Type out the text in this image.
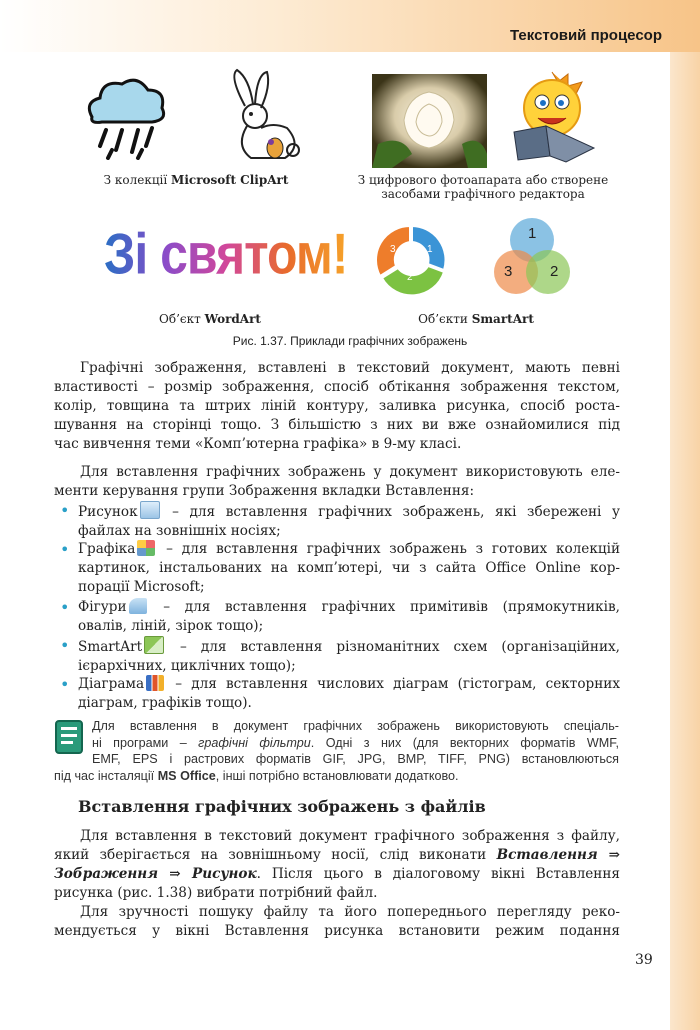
Текстовий процесор
З колекції Microsoft ClipArt	З цифрового фотоапарата або створене
засобами графічного редактора
Зі святом!	1
2
3
1
3	2
Об’єкт WordArt	Об’єкти SmartArt
Рис. 1.37. Приклади графічних зображень
Графічні зображення, вставлені в текстовий документ, мають певні
властивості – розмір зображення, спосіб обтікання зображення текстом,
колір, товщина та штрих ліній контуру, заливка рисунка, спосіб роста-
шування на сторінці тощо. З більшістю з них ви вже ознайомилися під
час вивчення теми «Комп’ютерна графіка» в 9-му класі.
Для вставлення графічних зображень у документ використовують еле-
менти керування групи Зображення вкладки Вставлення:
• Рисунок – для вставлення графічних зображень, які збережені у
файлах на зовнішніх носіях;
• Графіка – для вставлення графічних зображень з готових колекцій
картинок, інстальованих на комп’ютері, чи з сайта Office Online кор-
порації Microsoft;
• Фігури – для вставлення графічних примітивів (прямокутників,
овалів, ліній, зірок тощо);
• SmartArt – для вставлення різноманітних схем (організаційних,
ієрархічних, циклічних тощо);
• Діаграма – для вставлення числових діаграм (гістограм, секторних
діаграм, графіків тощо).
Для вставлення в документ графічних зображень використовують спеціаль-
ні програми – графічні фільтри. Одні з них (для векторних форматів WMF,
EMF, EPS і растрових форматів GIF, JPG, BMP, TIFF, PNG) встановлюються
під час інсталяції MS Office, інші потрібно встановлювати додатково.
Вставлення графічних зображень з файлів
Для вставлення в текстовий документ графічного зображення з файлу,
який зберігається на зовнішньому носії, слід виконати Вставлення ⇒
Зображення ⇒ Рисунок. Після цього в діалоговому вікні Вставлення
рисунка (рис. 1.38) вибрати потрібний файл.
Для зручності пошуку файлу та його попереднього перегляду реко-
мендується у вікні Вставлення рисунка встановити режим подання
39
